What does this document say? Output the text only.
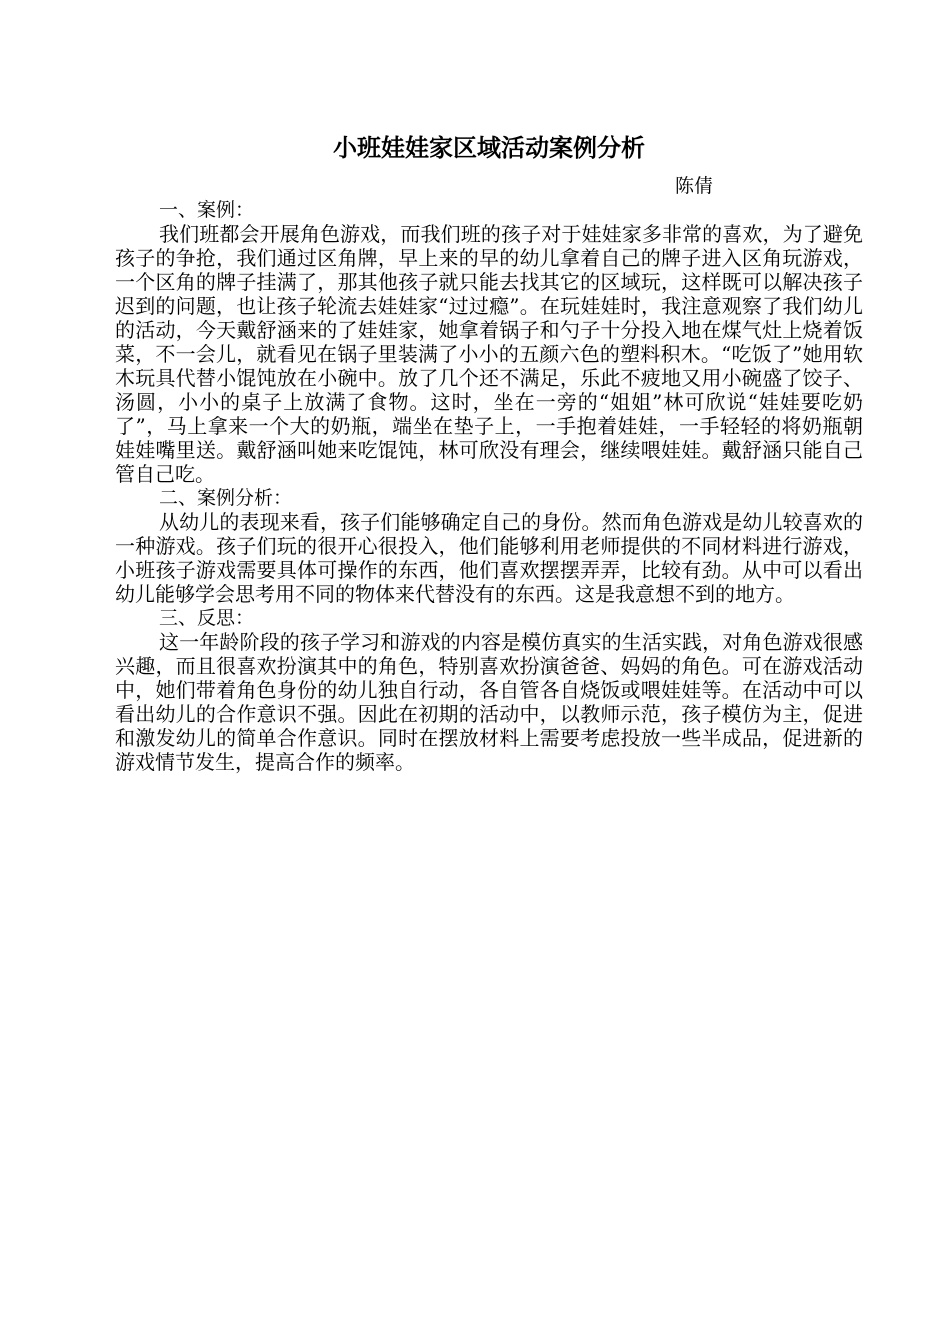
小班娃娃家区域活动案例分析

陈倩

一、案例：

我们班都会开展角色游戏，而我们班的孩子对于娃娃家多非常的喜欢，为了避免孩子的争抢，我们通过区角牌，早上来的早的幼儿拿着自己的牌子进入区角玩游戏，一个区角的牌子挂满了，那其他孩子就只能去找其它的区域玩，这样既可以解决孩子迟到的问题，也让孩子轮流去娃娃家“过过瘾”。在玩娃娃时，我注意观察了我们幼儿的活动，今天戴舒涵来的了娃娃家，她拿着锅子和勺子十分投入地在煤气灶上烧着饭菜，不一会儿，就看见在锅子里装满了小小的五颜六色的塑料积木。“吃饭了”她用软木玩具代替小馄饨放在小碗中。放了几个还不满足，乐此不疲地又用小碗盛了饺子、汤圆，小小的桌子上放满了食物。这时，坐在一旁的“姐姐”林可欣说“娃娃要吃奶了”，马上拿来一个大的奶瓶，端坐在垫子上，一手抱着娃娃，一手轻轻的将奶瓶朝娃娃嘴里送。戴舒涵叫她来吃馄饨，林可欣没有理会，继续喂娃娃。戴舒涵只能自己管自己吃。

二、案例分析：

从幼儿的表现来看，孩子们能够确定自己的身份。然而角色游戏是幼儿较喜欢的一种游戏。孩子们玩的很开心很投入，他们能够利用老师提供的不同材料进行游戏，小班孩子游戏需要具体可操作的东西，他们喜欢摆摆弄弄，比较有劲。从中可以看出幼儿能够学会思考用不同的物体来代替没有的东西。这是我意想不到的地方。

三、反思：

这一年龄阶段的孩子学习和游戏的内容是模仿真实的生活实践，对角色游戏很感兴趣，而且很喜欢扮演其中的角色，特别喜欢扮演爸爸、妈妈的角色。可在游戏活动中，她们带着角色身份的幼儿独自行动，各自管各自烧饭或喂娃娃等。在活动中可以看出幼儿的合作意识不强。因此在初期的活动中，以教师示范，孩子模仿为主，促进和激发幼儿的简单合作意识。同时在摆放材料上需要考虑投放一些半成品，促进新的游戏情节发生，提高合作的频率。
